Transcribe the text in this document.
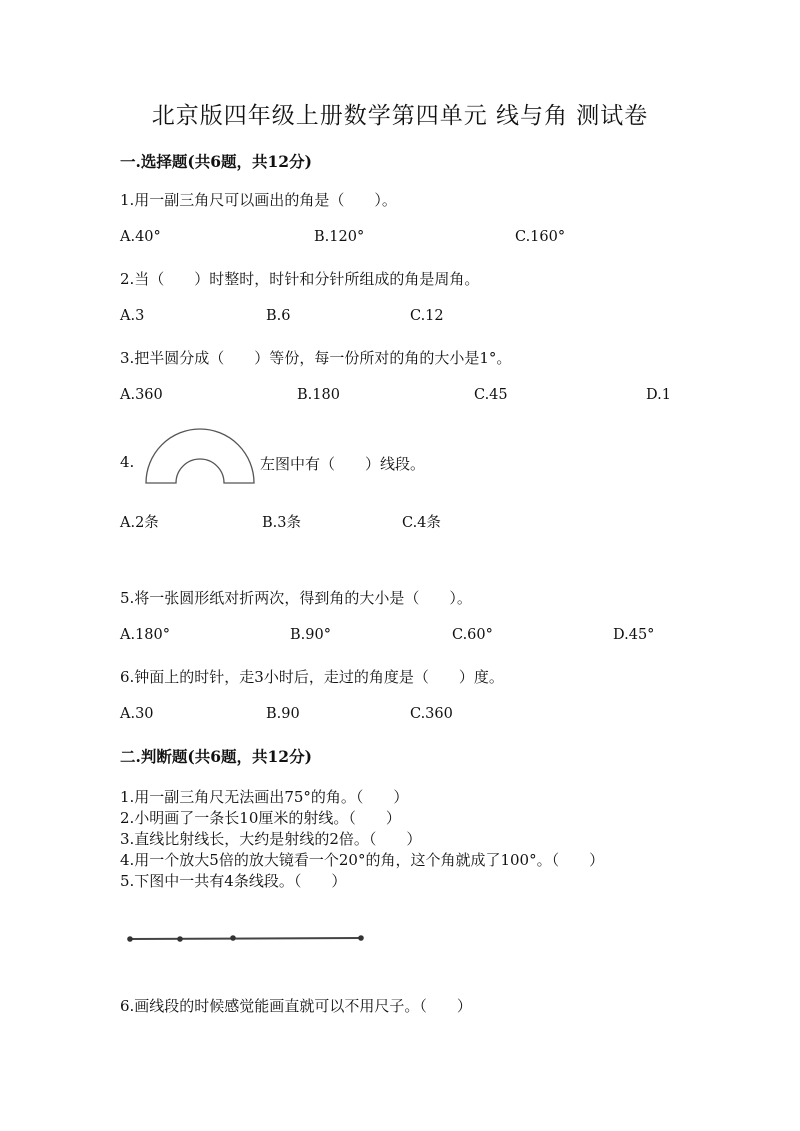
北京版四年级上册数学第四单元 线与角 测试卷
一.选择题(共6题，共12分)
1.用一副三角尺可以画出的角是（　　）。
A.40°	B.120°	C.160°
2.当（　　）时整时，时针和分针所组成的角是周角。
A.3	B.6	C.12
3.把半圆分成（　　）等份，每一份所对的角的大小是1°。
A.360	B.180	C.45	D.1
4.	左图中有（　　）线段。
A.2条	B.3条	C.4条
5.将一张圆形纸对折两次，得到角的大小是（　　）。
A.180°	B.90°	C.60°	D.45°
6.钟面上的时针，走3小时后，走过的角度是（　　）度。
A.30	B.90	C.360
二.判断题(共6题，共12分)
1.用一副三角尺无法画出75°的角。（　　）
2.小明画了一条长10厘米的射线。（　　）
3.直线比射线长，大约是射线的2倍。（　　）
4.用一个放大5倍的放大镜看一个20°的角，这个角就成了100°。（　　）
5.下图中一共有4条线段。（　　）
6.画线段的时候感觉能画直就可以不用尺子。（　　）
